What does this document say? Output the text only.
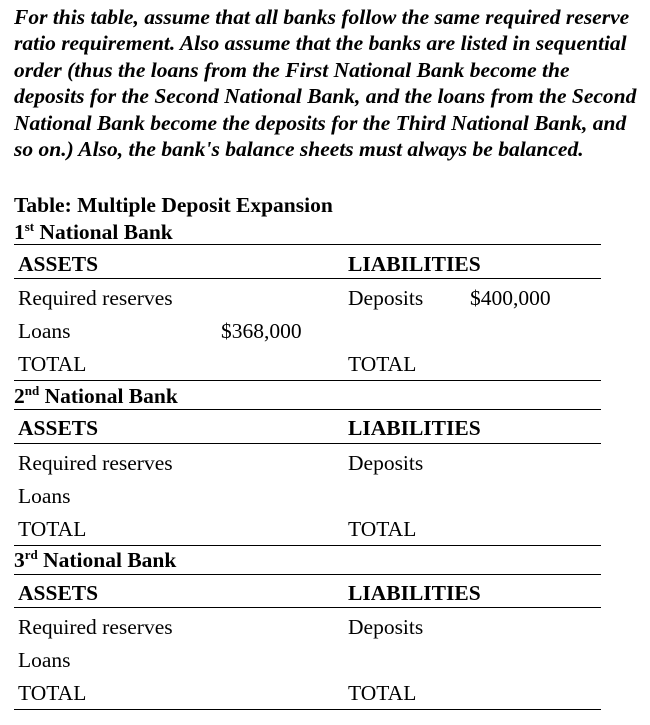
For this table, assume that all banks follow the same required reserve ratio requirement. Also assume that the banks are listed in sequential order (thus the loans from the First National Bank become the deposits for the Second National Bank, and the loans from the Second National Bank become the deposits for the Third National Bank, and so on.) Also, the bank's balance sheets must always be balanced.

Table: Multiple Deposit Expansion
1st National Bank
ASSETS	LIABILITIES
Required reserves	Deposits $400,000
Loans	$368,000
TOTAL	TOTAL
2nd National Bank
ASSETS	LIABILITIES
Required reserves	Deposits
Loans
TOTAL	TOTAL
3rd National Bank
ASSETS	LIABILITIES
Required reserves	Deposits
Loans
TOTAL	TOTAL
